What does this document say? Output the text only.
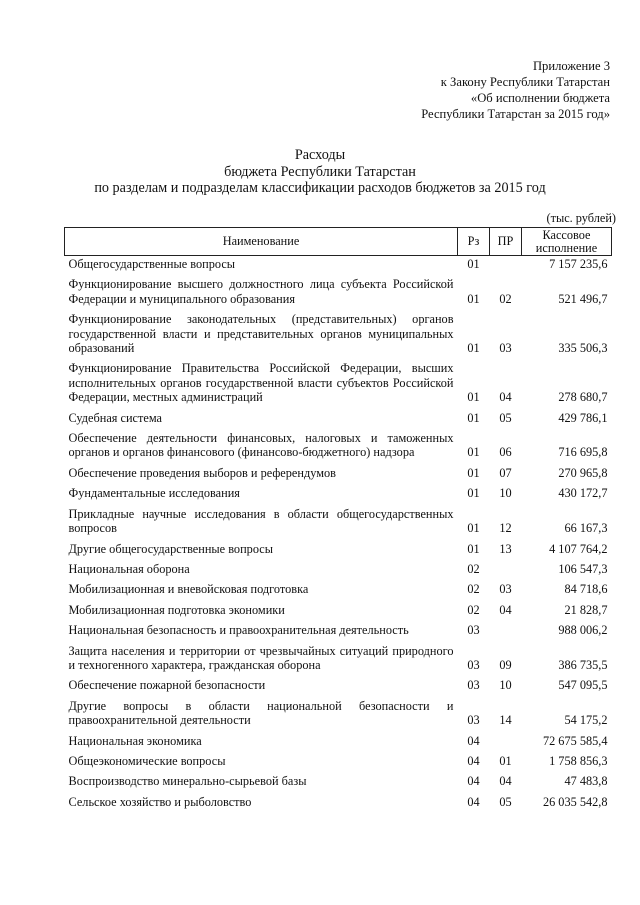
Приложение 3
к Закону Республики Татарстан
«Об исполнении бюджета
Республики Татарстан за 2015 год»
Расходы
бюджета Республики Татарстан
по разделам и подразделам классификации расходов бюджетов за 2015 год
(тыс. рублей)
Наименование	Рз	ПР	Кассовое исполнение
Общегосударственные вопросы	01		7 157 235,6
Функционирование высшего должностного лица субъекта Российской Федерации и муниципального образования	01	02	521 496,7
Функционирование законодательных (представительных) органов государственной власти и представительных органов муниципальных образований	01	03	335 506,3
Функционирование Правительства Российской Федерации, высших исполнительных органов государственной власти субъектов Российской Федерации, местных администраций	01	04	278 680,7
Судебная система	01	05	429 786,1
Обеспечение деятельности финансовых, налоговых и таможенных органов и органов финансового (финансово-бюджетного) надзора	01	06	716 695,8
Обеспечение проведения выборов и референдумов	01	07	270 965,8
Фундаментальные исследования	01	10	430 172,7
Прикладные научные исследования в области общегосударственных вопросов	01	12	66 167,3
Другие общегосударственные вопросы	01	13	4 107 764,2
Национальная оборона	02		106 547,3
Мобилизационная и вневойсковая подготовка	02	03	84 718,6
Мобилизационная подготовка экономики	02	04	21 828,7
Национальная безопасность и правоохранительная деятельность	03		988 006,2
Защита населения и территории от чрезвычайных ситуаций природного и техногенного характера, гражданская оборона	03	09	386 735,5
Обеспечение пожарной безопасности	03	10	547 095,5
Другие вопросы в области национальной безопасности и правоохранительной деятельности	03	14	54 175,2
Национальная экономика	04		72 675 585,4
Общеэкономические вопросы	04	01	1 758 856,3
Воспроизводство минерально-сырьевой базы	04	04	47 483,8
Сельское хозяйство и рыболовство	04	05	26 035 542,8
